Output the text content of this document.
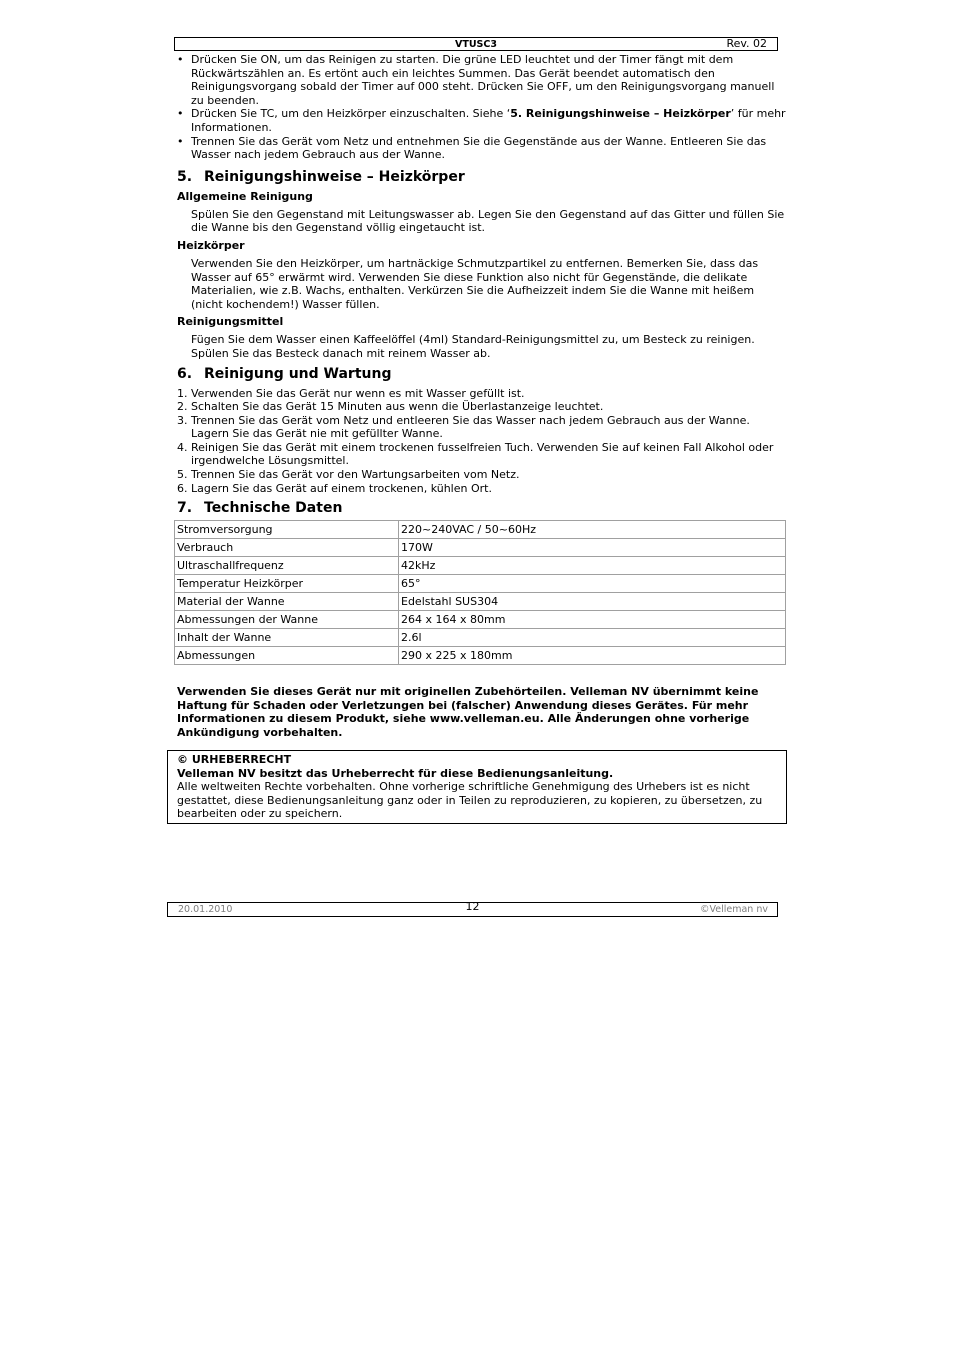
VTUSC3	Rev. 02
• Drücken Sie ON, um das Reinigen zu starten. Die grüne LED leuchtet und der Timer fängt mit dem Rückwärtszählen an. Es ertönt auch ein leichtes Summen. Das Gerät beendet automatisch den Reinigungsvorgang sobald der Timer auf 000 steht. Drücken Sie OFF, um den Reinigungsvorgang manuell zu beenden.
• Drücken Sie TC, um den Heizkörper einzuschalten. Siehe ‘5. Reinigungshinweise – Heizkörper’ für mehr Informationen.
• Trennen Sie das Gerät vom Netz und entnehmen Sie die Gegenstände aus der Wanne. Entleeren Sie das Wasser nach jedem Gebrauch aus der Wanne.
5. Reinigungshinweise – Heizkörper
Allgemeine Reinigung

Spülen Sie den Gegenstand mit Leitungswasser ab. Legen Sie den Gegenstand auf das Gitter und füllen Sie die Wanne bis den Gegenstand völlig eingetaucht ist.

Heizkörper

Verwenden Sie den Heizkörper, um hartnäckige Schmutzpartikel zu entfernen. Bemerken Sie, dass das Wasser auf 65° erwärmt wird. Verwenden Sie diese Funktion also nicht für Gegenstände, die delikate Materialien, wie z.B. Wachs, enthalten. Verkürzen Sie die Aufheizzeit indem Sie die Wanne mit heißem (nicht kochendem!) Wasser füllen.

Reinigungsmittel

Fügen Sie dem Wasser einen Kaffeelöffel (4ml) Standard-Reinigungsmittel zu, um Besteck zu reinigen. Spülen Sie das Besteck danach mit reinem Wasser ab.

6. Reinigung und Wartung
1. Verwenden Sie das Gerät nur wenn es mit Wasser gefüllt ist.
2. Schalten Sie das Gerät 15 Minuten aus wenn die Überlastanzeige leuchtet.
3. Trennen Sie das Gerät vom Netz und entleeren Sie das Wasser nach jedem Gebrauch aus der Wanne. Lagern Sie das Gerät nie mit gefüllter Wanne.
4. Reinigen Sie das Gerät mit einem trockenen fusselfreien Tuch. Verwenden Sie auf keinen Fall Alkohol oder irgendwelche Lösungsmittel.
5. Trennen Sie das Gerät vor den Wartungsarbeiten vom Netz.
6. Lagern Sie das Gerät auf einem trockenen, kühlen Ort.
7. Technische Daten
Stromversorgung	220~240VAC / 50~60Hz
Verbrauch	170W
Ultraschallfrequenz	42kHz
Temperatur Heizkörper	65°
Material der Wanne	Edelstahl SUS304
Abmessungen der Wanne	264 x 164 x 80mm
Inhalt der Wanne	2.6l
Abmessungen	290 x 225 x 180mm

Verwenden Sie dieses Gerät nur mit originellen Zubehörteilen. Velleman NV übernimmt keine Haftung für Schaden oder Verletzungen bei (falscher) Anwendung dieses Gerätes. Für mehr Informationen zu diesem Produkt, siehe www.velleman.eu. Alle Änderungen ohne vorherige Ankündigung vorbehalten.

© URHEBERRECHT
Velleman NV besitzt das Urheberrecht für diese Bedienungsanleitung.
Alle weltweiten Rechte vorbehalten. Ohne vorherige schriftliche Genehmigung des Urhebers ist es nicht gestattet, diese Bedienungsanleitung ganz oder in Teilen zu reproduzieren, zu kopieren, zu übersetzen, zu bearbeiten oder zu speichern.
20.01.2010	12	©Velleman nv
